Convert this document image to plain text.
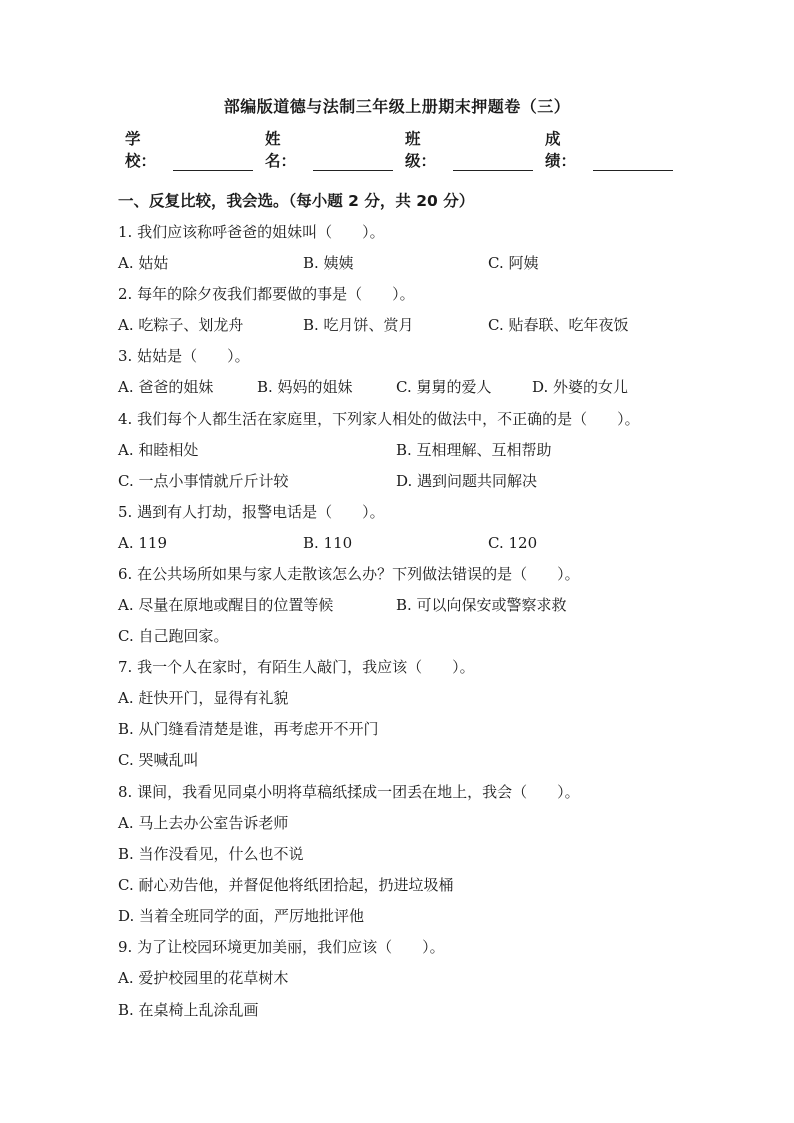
部编版道德与法制三年级上册期末押题卷（三）
学校：
姓名：
班级：
成绩：
一、反复比较，我会选。（每小题 2 分，共 20 分）
1. 我们应该称呼爸爸的姐妹叫（　　）。
A. 姑姑	B. 姨姨	C. 阿姨
2. 每年的除夕夜我们都要做的事是（　　）。
A. 吃粽子、划龙舟	B. 吃月饼、赏月	C. 贴春联、吃年夜饭
3. 姑姑是（　　）。
A. 爸爸的姐妹	B. 妈妈的姐妹	C. 舅舅的爱人	D. 外婆的女儿
4. 我们每个人都生活在家庭里，下列家人相处的做法中，不正确的是（　　）。
A. 和睦相处	B. 互相理解、互相帮助
C. 一点小事情就斤斤计较	D. 遇到问题共同解决
5. 遇到有人打劫，报警电话是（　　）。
A. 119	B. 110	C. 120
6. 在公共场所如果与家人走散该怎么办？下列做法错误的是（　　）。
A. 尽量在原地或醒目的位置等候	B. 可以向保安或警察求救
C. 自己跑回家。
7. 我一个人在家时，有陌生人敲门，我应该（　　）。
A. 赶快开门，显得有礼貌
B. 从门缝看清楚是谁，再考虑开不开门
C. 哭喊乱叫
8. 课间，我看见同桌小明将草稿纸揉成一团丢在地上，我会（　　）。
A. 马上去办公室告诉老师
B. 当作没看见，什么也不说
C. 耐心劝告他，并督促他将纸团拾起，扔进垃圾桶
D. 当着全班同学的面，严厉地批评他
9. 为了让校园环境更加美丽，我们应该（　　）。
A. 爱护校园里的花草树木
B. 在桌椅上乱涂乱画
